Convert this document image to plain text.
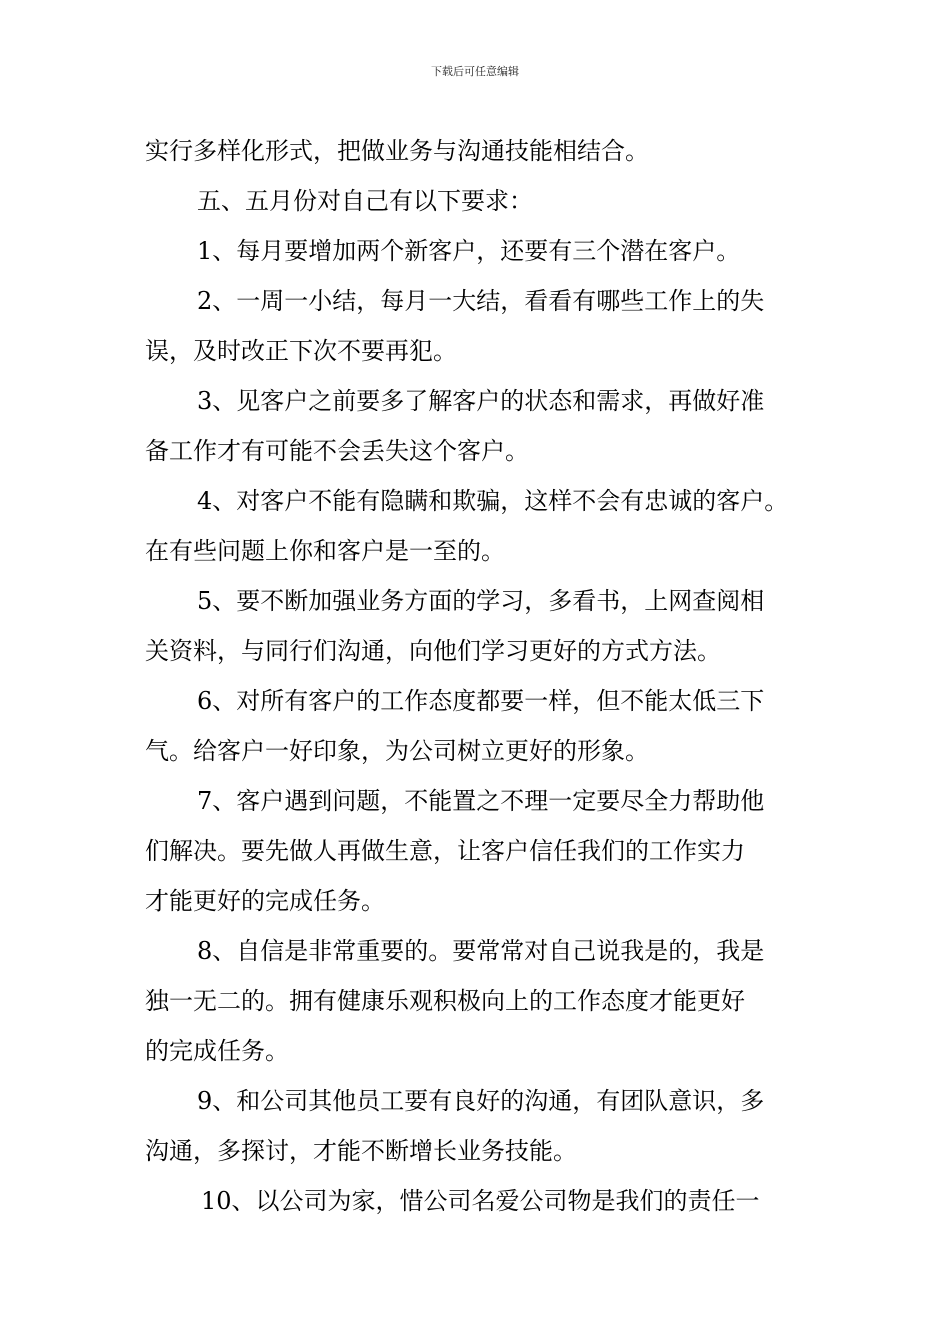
下载后可任意编辑
实行多样化形式，把做业务与沟通技能相结合。
五、五月份对自己有以下要求：
1、每月要增加两个新客户，还要有三个潜在客户。
2、一周一小结，每月一大结，看看有哪些工作上的失
误，及时改正下次不要再犯。
3、见客户之前要多了解客户的状态和需求，再做好准
备工作才有可能不会丢失这个客户。
4、对客户不能有隐瞒和欺骗，这样不会有忠诚的客户。
在有些问题上你和客户是一至的。
5、要不断加强业务方面的学习，多看书，上网查阅相
关资料，与同行们沟通，向他们学习更好的方式方法。
6、对所有客户的工作态度都要一样，但不能太低三下
气。给客户一好印象，为公司树立更好的形象。
7、客户遇到问题，不能置之不理一定要尽全力帮助他
们解决。要先做人再做生意，让客户信任我们的工作实力
才能更好的完成任务。
8、自信是非常重要的。要常常对自己说我是的，我是
独一无二的。拥有健康乐观积极向上的工作态度才能更好
的完成任务。
9、和公司其他员工要有良好的沟通，有团队意识，多
沟通，多探讨，才能不断增长业务技能。
10、以公司为家，惜公司名爱公司物是我们的责任一
